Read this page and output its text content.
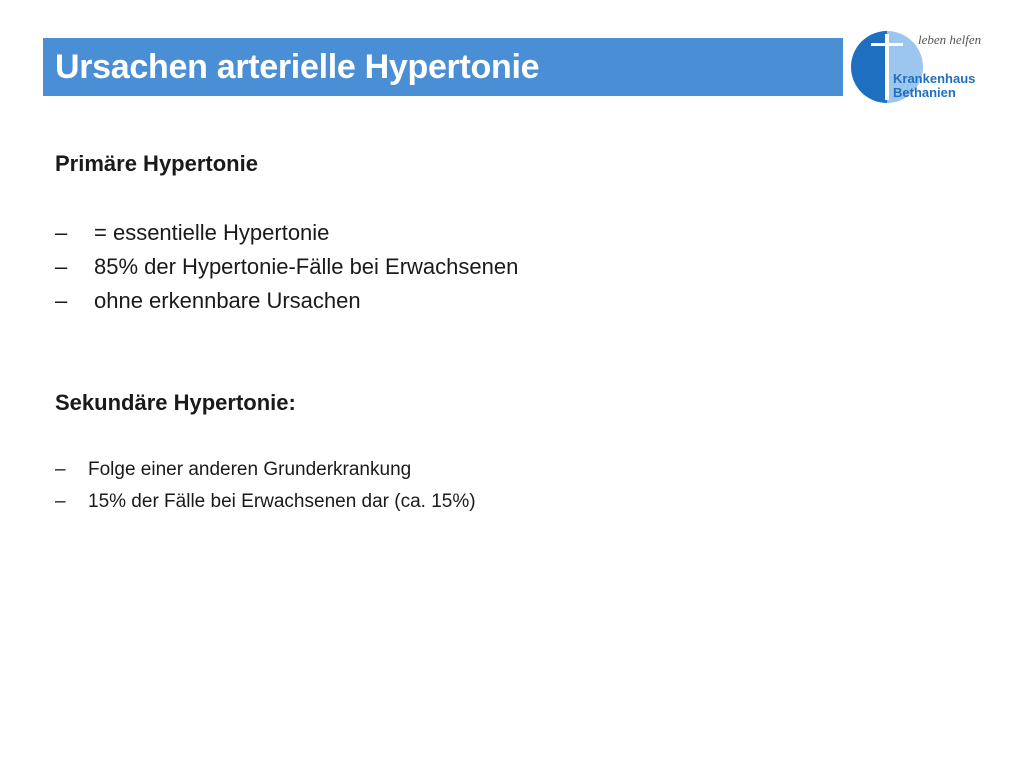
Ursachen arterielle Hypertonie
leben helfen
Krankenhaus
Bethanien
Primäre Hypertonie
– = essentielle Hypertonie
– 85% der Hypertonie-Fälle bei Erwachsenen
– ohne erkennbare Ursachen
Sekundäre Hypertonie:
– Folge einer anderen Grunderkrankung
– 15% der Fälle bei Erwachsenen dar (ca. 15%)
